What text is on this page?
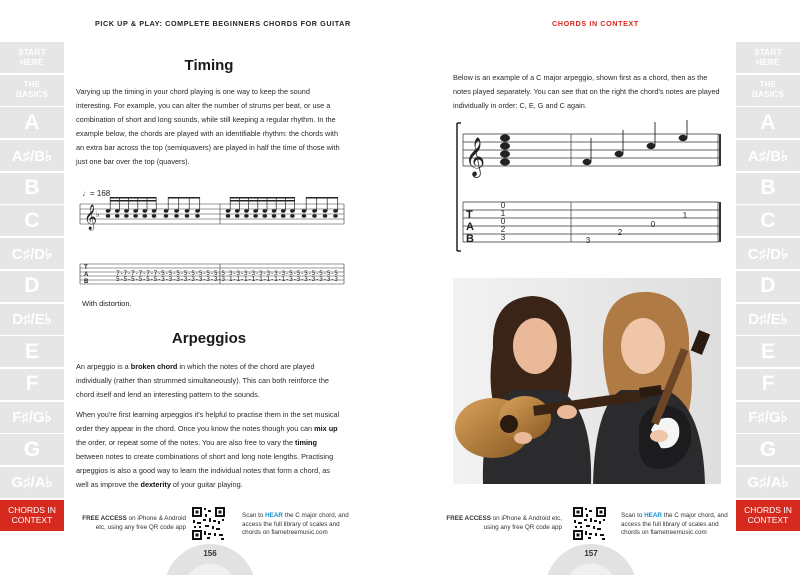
PICK UP & PLAY: COMPLETE BEGINNERS CHORDS FOR GUITAR	CHORDS IN CONTEXT
START
HERE
THE
BASICS
A
A♯/B♭
B
C
C♯/D♭
D
D♯/E♭
E
F
F♯/G♭
G
G♯/A♭
CHORDS IN
CONTEXT
START
HERE
THE
BASICS
A
A♯/B♭
B
C
C♯/D♭
D
D♯/E♭
E
F
F♯/G♭
G
G♯/A♭
CHORDS IN
CONTEXT
Timing

Varying up the timing in your chord playing is one way to keep the sound interesting. For example, you can alter the number of strums per beat, or use a combination of short and long sounds, while still keeping a regular rhythm. In the example below, the chords are played with an identifiable rhythm: the chords with an extra bar across the top (semiquavers) are played in half the time of those with just one bar over the top (quavers).

♩= 168
𝄞
♭
T
A
B
7-7-7-7-7-7-5-5-5-5-5-5-5-5-5 3-3-3-3-3-3-3-3-5-5-5-5-5-5-5
5-5-5-5-5-5-3-3-3-3-3-3-3-3-3 1-1-1-1-1-1-1-1-3-3-3-3-3-3-3
With distortion.
Arpeggios

An arpeggio is a broken chord in which the notes of the chord are played individually (rather than strummed simultaneously). This can both reinforce the chord itself and lend an interesting pattern to the sounds.

When you're first learning arpeggios it's helpful to practise them in the set musical order they appear in the chord. Once you know the notes though you can mix up the order, or repeat some of the notes. You are also free to vary the timing between notes to create combinations of short and long note lengths. Practising arpeggios is also a good way to learn the individual notes that form a chord, as well as improve the dexterity of your guitar playing.

FREE ACCESS on iPhone & Android
etc, using any free QR code app
Scan to HEAR the C major chord, and
access the full library of scales and
chords on flametreemusic.com
156

Below is an example of a C major arpeggio, shown first as a chord, then as the notes played separately. You can see that on the right the chord's notes are played individually in order: C, E, G and C again.

𝄞
T
A
B
0
1
0
2
3	3
2
0
1
FREE ACCESS on iPhone & Android etc,
using any free QR code app
Scan to HEAR the C major chord, and
access the full library of scales and
chords on flametreemusic.com
157
